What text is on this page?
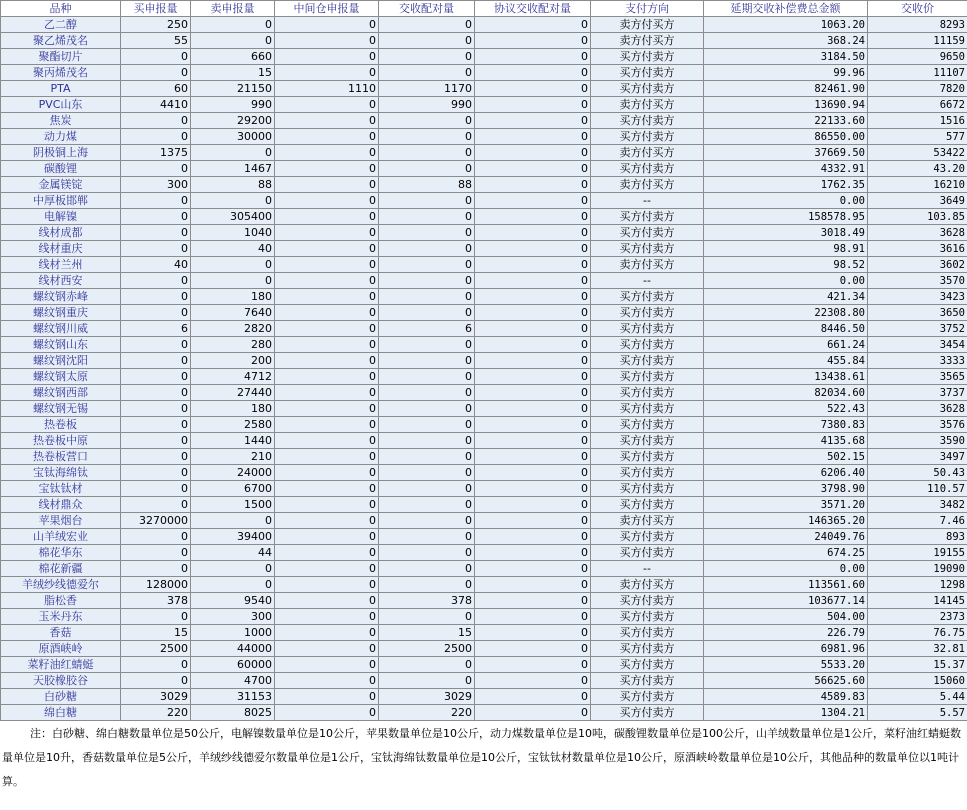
品种	买申报量	卖申报量	中间仓申报量	交收配对量	协议交收配对量	支付方向	延期交收补偿费总金额	交收价
乙二醇	250	0	0	0	0	卖方付买方	1063.20	8293
聚乙烯茂名	55	0	0	0	0	卖方付买方	368.24	11159
聚酯切片	0	660	0	0	0	买方付卖方	3184.50	9650
聚丙烯茂名	0	15	0	0	0	买方付卖方	99.96	11107
PTA	60	21150	1110	1170	0	买方付卖方	82461.90	7820
PVC山东	4410	990	0	990	0	卖方付买方	13690.94	6672
焦炭	0	29200	0	0	0	买方付卖方	22133.60	1516
动力煤	0	30000	0	0	0	买方付卖方	86550.00	577
阴极铜上海	1375	0	0	0	0	卖方付买方	37669.50	53422
碳酸锂	0	1467	0	0	0	买方付卖方	4332.91	43.20
金属镁锭	300	88	0	88	0	卖方付买方	1762.35	16210
中厚板邯郸	0	0	0	0	0	--	0.00	3649
电解镍	0	305400	0	0	0	买方付卖方	158578.95	103.85
线材成都	0	1040	0	0	0	买方付卖方	3018.49	3628
线材重庆	0	40	0	0	0	买方付卖方	98.91	3616
线材兰州	40	0	0	0	0	卖方付买方	98.52	3602
线材西安	0	0	0	0	0	--	0.00	3570
螺纹钢赤峰	0	180	0	0	0	买方付卖方	421.34	3423
螺纹钢重庆	0	7640	0	0	0	买方付卖方	22308.80	3650
螺纹钢川威	6	2820	0	6	0	买方付卖方	8446.50	3752
螺纹钢山东	0	280	0	0	0	买方付卖方	661.24	3454
螺纹钢沈阳	0	200	0	0	0	买方付卖方	455.84	3333
螺纹钢太原	0	4712	0	0	0	买方付卖方	13438.61	3565
螺纹钢西部	0	27440	0	0	0	买方付卖方	82034.60	3737
螺纹钢无锡	0	180	0	0	0	买方付卖方	522.43	3628
热卷板	0	2580	0	0	0	买方付卖方	7380.83	3576
热卷板中原	0	1440	0	0	0	买方付卖方	4135.68	3590
热卷板营口	0	210	0	0	0	买方付卖方	502.15	3497
宝钛海绵钛	0	24000	0	0	0	买方付卖方	6206.40	50.43
宝钛钛材	0	6700	0	0	0	买方付卖方	3798.90	110.57
线材鼎众	0	1500	0	0	0	买方付卖方	3571.20	3482
苹果烟台	3270000	0	0	0	0	卖方付买方	146365.20	7.46
山羊绒宏业	0	39400	0	0	0	买方付卖方	24049.76	893
棉花华东	0	44	0	0	0	买方付卖方	674.25	19155
棉花新疆	0	0	0	0	0	--	0.00	19090
羊绒纱线德爱尔	128000	0	0	0	0	卖方付买方	113561.60	1298
脂松香	378	9540	0	378	0	买方付卖方	103677.14	14145
玉米丹东	0	300	0	0	0	买方付卖方	504.00	2373
香菇	15	1000	0	15	0	买方付卖方	226.79	76.75
原酒峡岭	2500	44000	0	2500	0	买方付卖方	6981.96	32.81
菜籽油红蜻蜓	0	60000	0	0	0	买方付卖方	5533.20	15.37
天胶橡胶谷	0	4700	0	0	0	买方付卖方	56625.60	15060
白砂糖	3029	31153	0	3029	0	买方付卖方	4589.83	5.44
绵白糖	220	8025	0	220	0	买方付卖方	1304.21	5.57
注：白砂糖、绵白糖数量单位是50公斤，电解镍数量单位是10公斤，苹果数量单位是10公斤，动力煤数量单位是10吨，碳酸锂数量单位是100公斤，山羊绒数量单位是1公斤，菜籽油红蜻蜓数量单位是10升，香菇数量单位是5公斤，羊绒纱线德爱尔数量单位是1公斤，宝钛海绵钛数量单位是10公斤，宝钛钛材数量单位是10公斤，原酒峡岭数量单位是10公斤，其他品种的数量单位以1吨计算。
